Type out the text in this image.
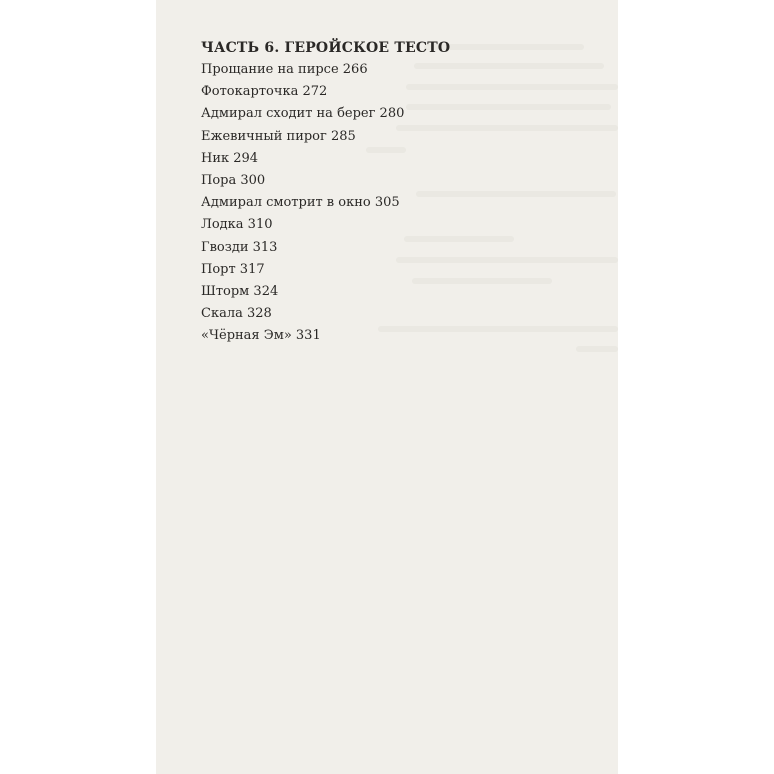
ЧАСТЬ 6. ГЕРОЙСКОЕ ТЕСТО
Прощание на пирсе 266
Фотокарточка 272
Адмирал сходит на берег 280
Ежевичный пирог 285
Ник 294
Пора 300
Адмирал смотрит в окно 305
Лодка 310
Гвозди 313
Порт 317
Шторм 324
Скала 328
«Чёрная Эм» 331
